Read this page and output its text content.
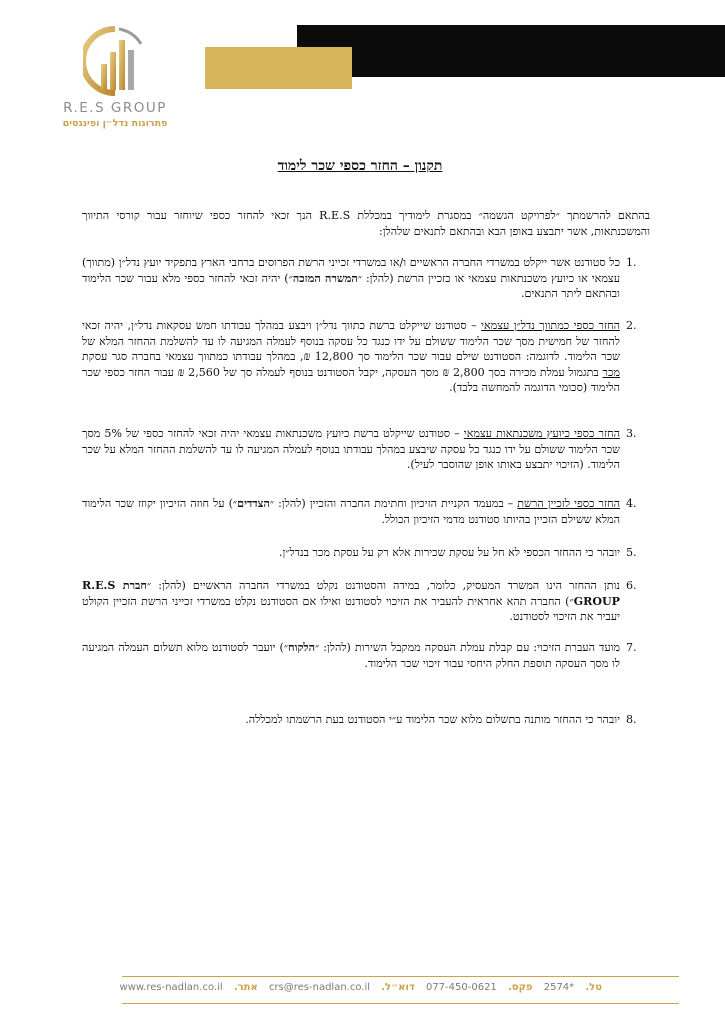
R.E.S GROUP
פתרונות נדל״ן ופיננסים
תקנון – החזר כספי שכר לימוד
בהתאם להרשמתך ״לפרויקט הגשמה״ במסגרת לימודיך במכללת R.E.S הנך זכאי להחזר כספי שיוחזר עבור קורסי התיווך והמשכנתאות, אשר יתבצע באופן הבא ובהתאם לתנאים שלהלן:
1.
כל סטודנט אשר ייקלט במשרדי החברה הראשיים ו/או במשרדי זכייני הרשת הפרוסים ברחבי הארץ בתפקיד יועץ נדל״ן (מתווך) עצמאי או כיועץ משכנתאות עצמאי או כזכיין הרשת (להלן: ״המשרה המזכה״) יהיה זכאי להחזר כספי מלא עבור שכר הלימוד ובהתאם ליתר התנאים.
2.
החזר כספי כמתווך נדל״ן עצמאי – סטודנט שייקלט ברשת כתווך נדל״ן ויבצע במהלך עבודתו חמש עסקאות נדל״ן, יהיה זכאי להחזר של חמישית מסך שכר הלימוד ששולם על ידו כנגד כל עסקה בנוסף לעמלה המגיעה לו עד להשלמת ההחזר המלא של שכר הלימוד. לדוגמה: הסטודנט שילם עבור שכר הלימוד סך 12,800 ₪, במהלך עבודתו כמתווך עצמאי בחברה סגר עסקת מכר בתגמול עמלת מכירה בסך 2,800 ₪ מסך העסקה, יקבל הסטודנט בנוסף לעמלה סך של 2,560 ₪ עבור החזר כספי שכר הלימוד (סכומי הדוגמה להמחשה בלבד).
3.
החזר כספי כיועץ משכנתאות עצמאי – סטודנט שייקלט ברשת כיועץ משכנתאות עצמאי יהיה זכאי להחזר כספי של 5% מסך שכר הלימוד ששולם על ידו כנגד כל עסקה שיבצע במהלך עבודתו בנוסף לעמלה המגיעה לו עד להשלמת ההחזר המלא על שכר הלימוד. (הזיכוי יתבצע באותו אופן שהוסבר לעיל).
4.
החזר כספי לזכיין הרשת – במעמד הקניית הזיכיון וחתימת החברה והזכיין (להלן: ״הצדדים״) על חוזה הזיכיון יקוזז שכר הלימוד המלא ששילם הזכיין בהיותו סטודנט מדמי הזיכיון הכולל.
5.
יובהר כי ההחזר הכספי לא חל על עסקת שכירות אלא רק על עסקת מכר בנדל״ן.
6.
נותן ההחזר הינו המשרד המעסיק, כלומר, במידה והסטודנט נקלט במשרדי החברה הראשיים (להלן: ״חברת R.E.S GROUP״) החברה תהא אחראית להעביר את הזיכוי לסטודנט ואילו אם הסטודנט נקלט במשרדי זכייני הרשת הזכיין הקולט יעביר את הזיכוי לסטודנט.
7.
מועד העברת הזיכוי: עם קבלת עמלת העסקה ממקבל השירות (להלן: ״הלקוח״) יועבר לסטודנט מלוא תשלום העמלה המגיעה לו מסך העסקה תוספת החלק היחסי עבור זיכוי שכר הלימוד.
8.
יובהר כי ההחזר מותנה בתשלום מלוא שכר הלימוד ע״י הסטודנט בעת הרשמתו למכללה.
טל. *2574 פקס. 077-450-0621 דוא״ל. crs@res-nadlan.co.il אתר. www.res-nadlan.co.il
